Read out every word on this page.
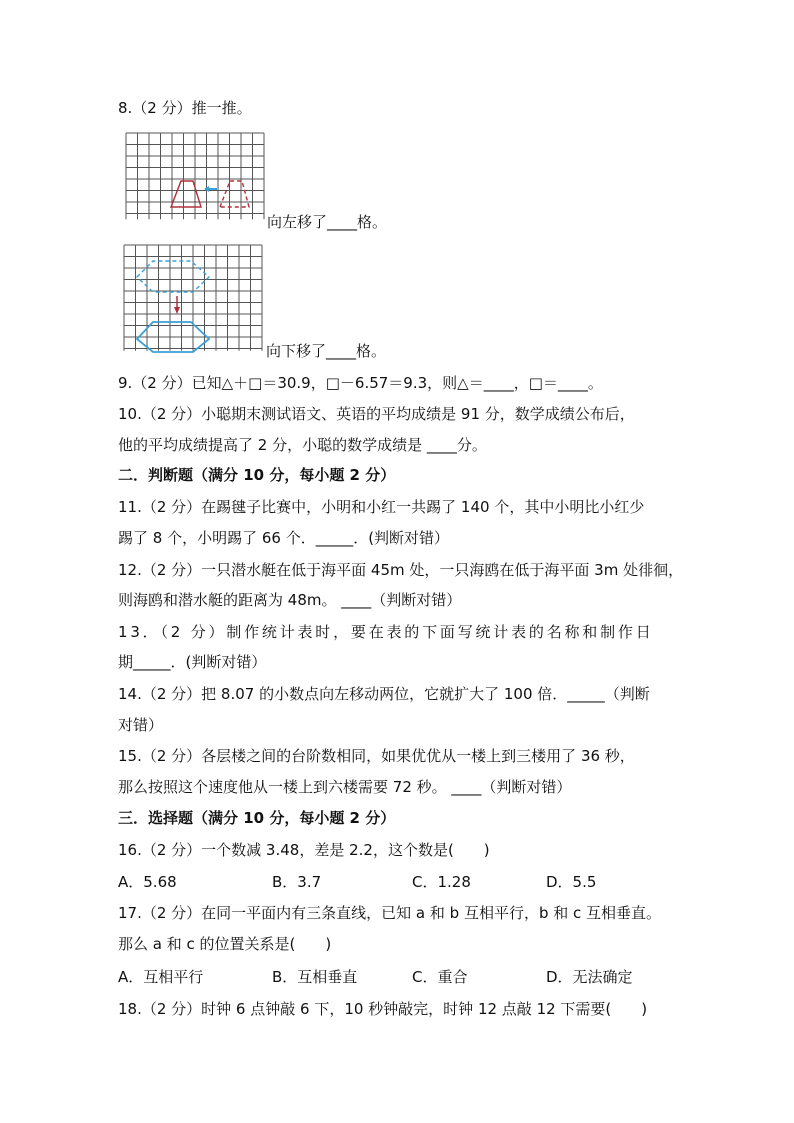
8.（2 分）推一推。
向左移了____格。
向下移了____格。
9.（2 分）已知△＋□＝30.9，□－6.57＝9.3，则△＝____，□＝____。
10.（2 分）小聪期末测试语文、英语的平均成绩是 91 分，数学成绩公布后，
他的平均成绩提高了 2 分，小聪的数学成绩是 ____分。
二．判断题（满分 10 分，每小题 2 分）
11.（2 分）在踢毽子比赛中，小明和小红一共踢了 140 个，其中小明比小红少
踢了 8 个，小明踢了 66 个．_____．(判断对错）
12.（2 分）一只潜水艇在低于海平面 45m 处，一只海鸥在低于海平面 3m 处徘徊，
则海鸥和潜水艇的距离为 48m。 ____（判断对错）
13．（2 分）制作统计表时，要在表的下面写统计表的名称和制作日
期_____．(判断对错）
14.（2 分）把 8.07 的小数点向左移动两位，它就扩大了 100 倍．_____（判断
对错）
15.（2 分）各层楼之间的台阶数相同，如果优优从一楼上到三楼用了 36 秒，
那么按照这个速度他从一楼上到六楼需要 72 秒。 ____（判断对错）
三．选择题（满分 10 分，每小题 2 分）
16.（2 分）一个数减 3.48，差是 2.2，这个数是(　　)
A．5.68	B．3.7	C．1.28	D．5.5
17.（2 分）在同一平面内有三条直线，已知 a 和 b 互相平行，b 和 c 互相垂直。
那么 a 和 c 的位置关系是(　　)
A．互相平行	B．互相垂直	C．重合	D．无法确定
18.（2 分）时钟 6 点钟敲 6 下，10 秒钟敲完，时钟 12 点敲 12 下需要(　　)
